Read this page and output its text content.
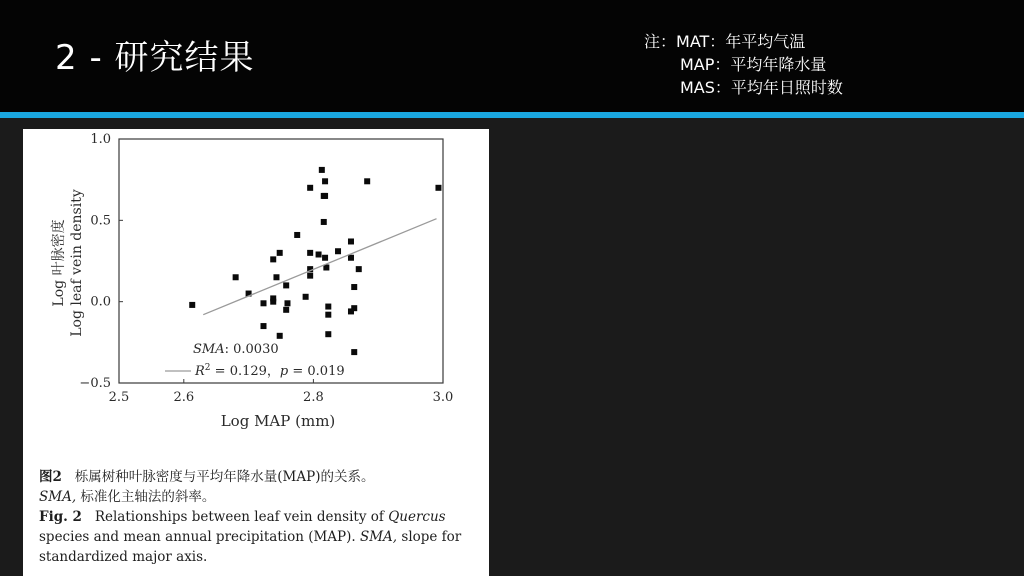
2 - 研究结果	注：MAT：年平均气温
MAP：平均年降水量
MAS：平均年日照时数
2.5	2.6	2.8	3.0
1.0
0.5
0.0
−0.5
Log MAP (mm)
Log 叶脉密度 Log leaf vein density
SMA: 0.0030
$R^2 = 0.129$，p = 0.019
图2 栎属树种叶脉密度与平均年降水量(MAP)的关系。
SMA, 标准化主轴法的斜率。
Fig. 2 Relationships between leaf vein density of Quercus
species and mean annual precipitation (MAP). SMA, slope for
standardized major axis.
